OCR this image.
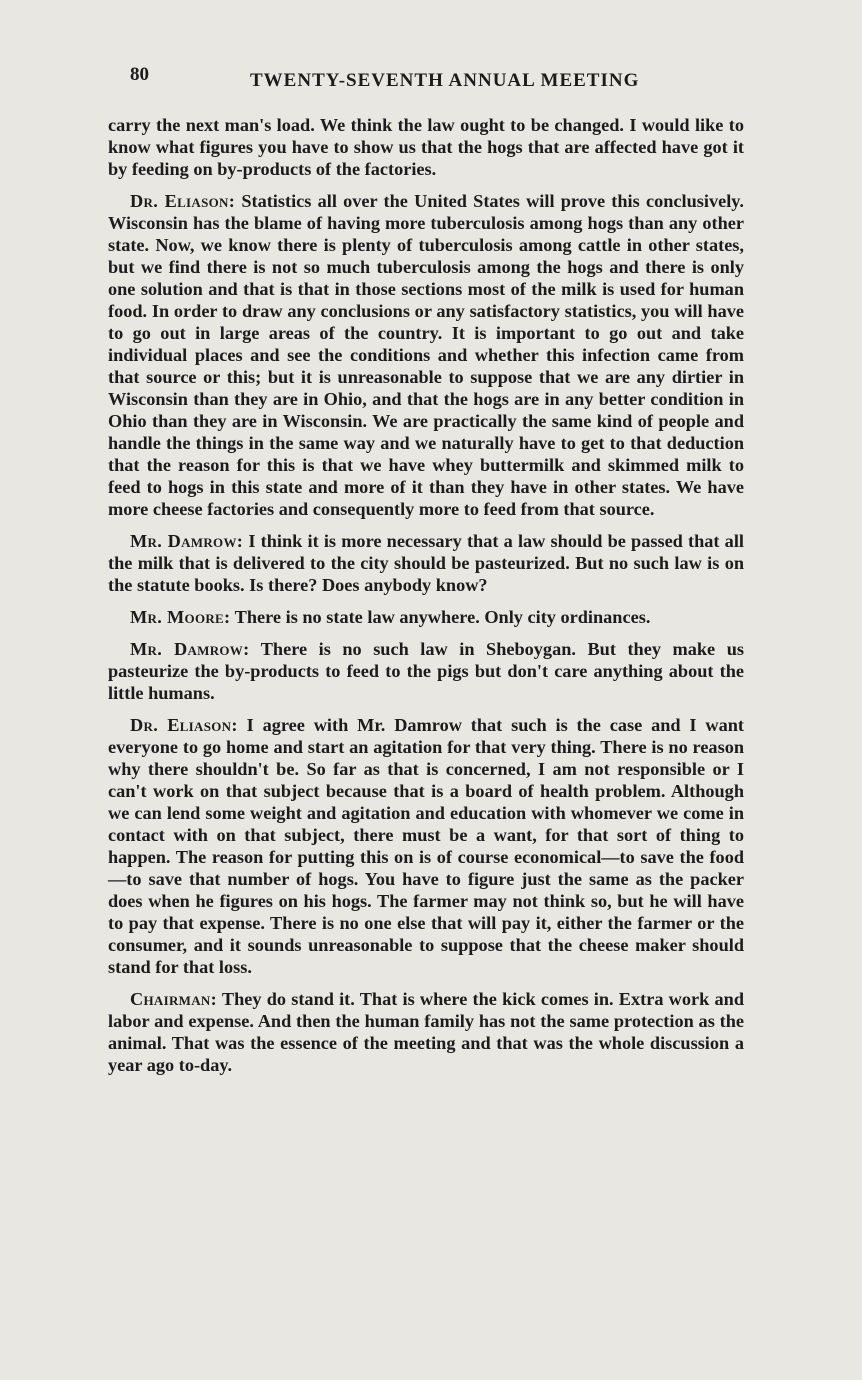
80	TWENTY-SEVENTH ANNUAL MEETING

carry the next man's load. We think the law ought to be changed. I would like to know what figures you have to show us that the hogs that are affected have got it by feeding on by-products of the factories.

Dr. Eliason: Statistics all over the United States will prove this conclusively. Wisconsin has the blame of having more tuberculosis among hogs than any other state. Now, we know there is plenty of tuberculosis among cattle in other states, but we find there is not so much tuberculosis among the hogs and there is only one solution and that is that in those sections most of the milk is used for human food. In order to draw any conclusions or any satisfactory statistics, you will have to go out in large areas of the country. It is important to go out and take individual places and see the conditions and whether this infection came from that source or this; but it is unreasonable to suppose that we are any dirtier in Wisconsin than they are in Ohio, and that the hogs are in any better condition in Ohio than they are in Wisconsin. We are practically the same kind of people and handle the things in the same way and we naturally have to get to that deduction that the reason for this is that we have whey buttermilk and skimmed milk to feed to hogs in this state and more of it than they have in other states. We have more cheese factories and consequently more to feed from that source.

Mr. Damrow: I think it is more necessary that a law should be passed that all the milk that is delivered to the city should be pasteurized. But no such law is on the statute books. Is there? Does anybody know?

Mr. Moore: There is no state law anywhere. Only city ordinances.

Mr. Damrow: There is no such law in Sheboygan. But they make us pasteurize the by-products to feed to the pigs but don't care anything about the little humans.

Dr. Eliason: I agree with Mr. Damrow that such is the case and I want everyone to go home and start an agitation for that very thing. There is no reason why there shouldn't be. So far as that is concerned, I am not responsible or I can't work on that subject because that is a board of health problem. Although we can lend some weight and agitation and education with whomever we come in contact with on that subject, there must be a want, for that sort of thing to happen. The reason for putting this on is of course economical—to save the food—to save that number of hogs. You have to figure just the same as the packer does when he figures on his hogs. The farmer may not think so, but he will have to pay that expense. There is no one else that will pay it, either the farmer or the consumer, and it sounds unreasonable to suppose that the cheese maker should stand for that loss.

Chairman: They do stand it. That is where the kick comes in. Extra work and labor and expense. And then the human family has not the same protection as the animal. That was the essence of the meeting and that was the whole discussion a year ago to-day.
